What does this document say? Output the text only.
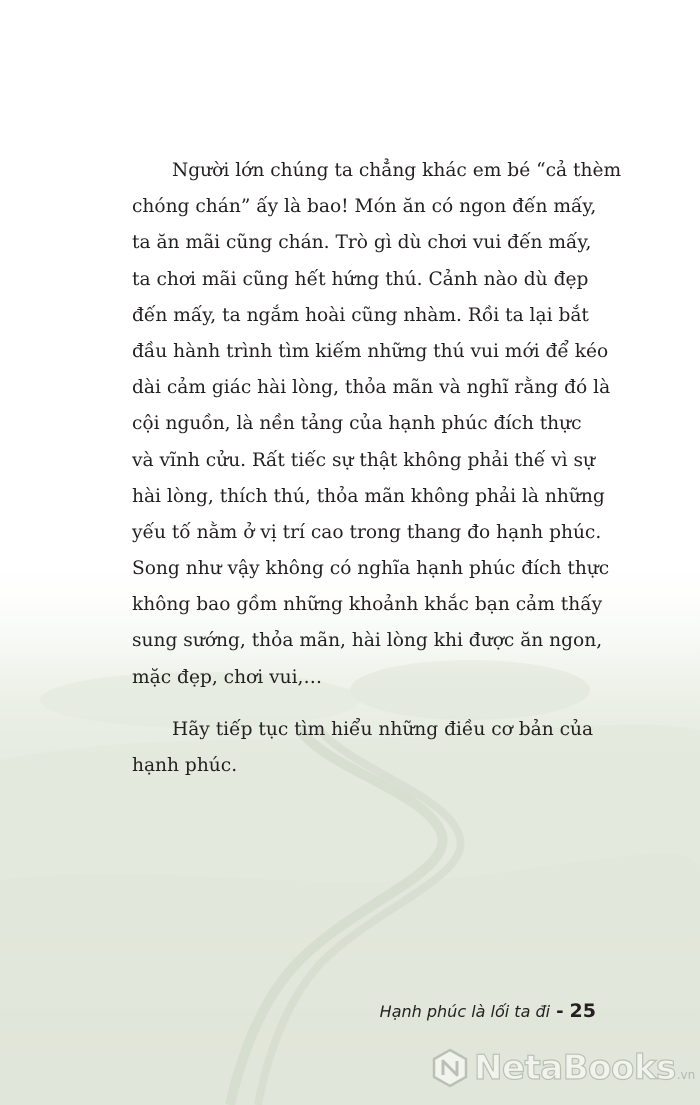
Người lớn chúng ta chẳng khác em bé “cả thèm
chóng chán” ấy là bao! Món ăn có ngon đến mấy,
ta ăn mãi cũng chán. Trò gì dù chơi vui đến mấy,
ta chơi mãi cũng hết hứng thú. Cảnh nào dù đẹp
đến mấy, ta ngắm hoài cũng nhàm. Rồi ta lại bắt
đầu hành trình tìm kiếm những thú vui mới để kéo
dài cảm giác hài lòng, thỏa mãn và nghĩ rằng đó là
cội nguồn, là nền tảng của hạnh phúc đích thực
và vĩnh cửu. Rất tiếc sự thật không phải thế vì sự
hài lòng, thích thú, thỏa mãn không phải là những
yếu tố nằm ở vị trí cao trong thang đo hạnh phúc.
Song như vậy không có nghĩa hạnh phúc đích thực
không bao gồm những khoảnh khắc bạn cảm thấy
sung sướng, thỏa mãn, hài lòng khi được ăn ngon,
mặc đẹp, chơi vui,…
Hãy tiếp tục tìm hiểu những điều cơ bản của
hạnh phúc.
Hạnh phúc là lối ta đi - 25
NetaBooks .vn
